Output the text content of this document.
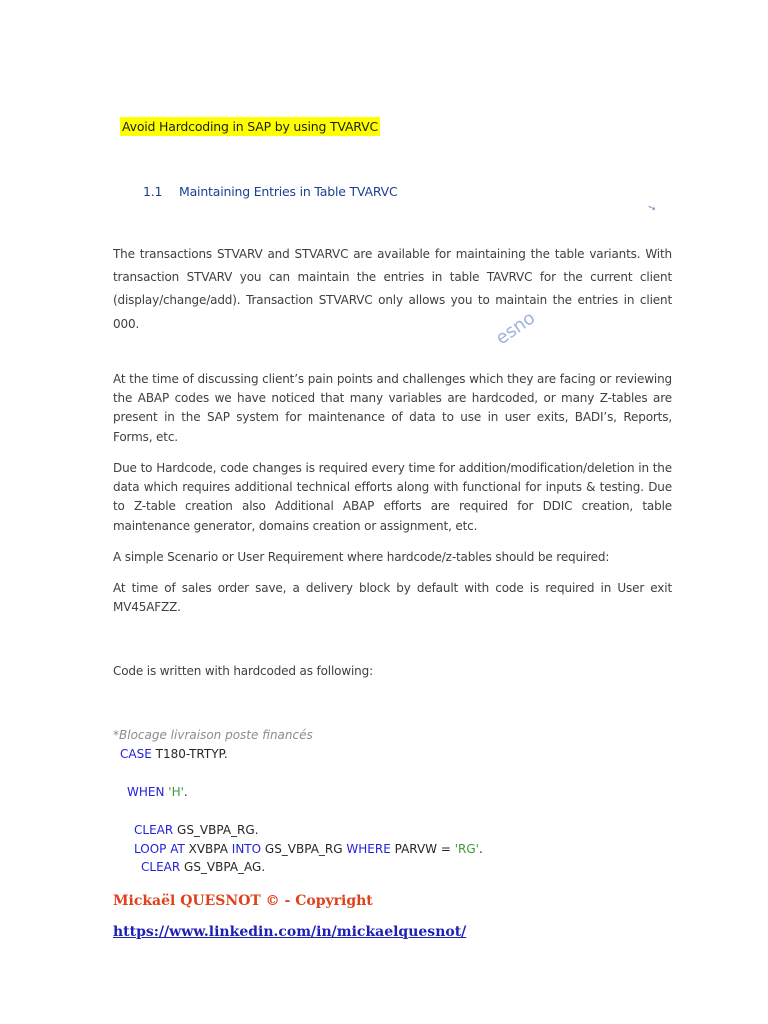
Avoid Hardcoding in SAP by using TVARVC
1.1 Maintaining Entries in Table TVARVC
➘
esno
The transactions STVARV and STVARVC are available for maintaining the table variants. With transaction STVARV you can maintain the entries in table TAVRVC for the current client (display/change/add). Transaction STVARVC only allows you to maintain the entries in client 000.
At the time of discussing client’s pain points and challenges which they are facing or reviewing the ABAP codes we have noticed that many variables are hardcoded, or many Z-tables are present in the SAP system for maintenance of data to use in user exits, BADI’s, Reports, Forms, etc.
Due to Hardcode, code changes is required every time for addition/modification/deletion in the data which requires additional technical efforts along with functional for inputs & testing. Due to Z-table creation also Additional ABAP efforts are required for DDIC creation, table maintenance generator, domains creation or assignment, etc.
A simple Scenario or User Requirement where hardcode/z-tables should be required:
At time of sales order save, a delivery block by default with code is required in User exit MV45AFZZ.
Code is written with hardcoded as following:
*Blocage livraison poste financés
CASE T180-TRTYP.
WHEN 'H'.
CLEAR GS_VBPA_RG.
LOOP AT XVBPA INTO GS_VBPA_RG WHERE PARVW = 'RG'.
CLEAR GS_VBPA_AG.
Mickaël QUESNOT © - Copyright
https://www.linkedin.com/in/mickaelquesnot/
